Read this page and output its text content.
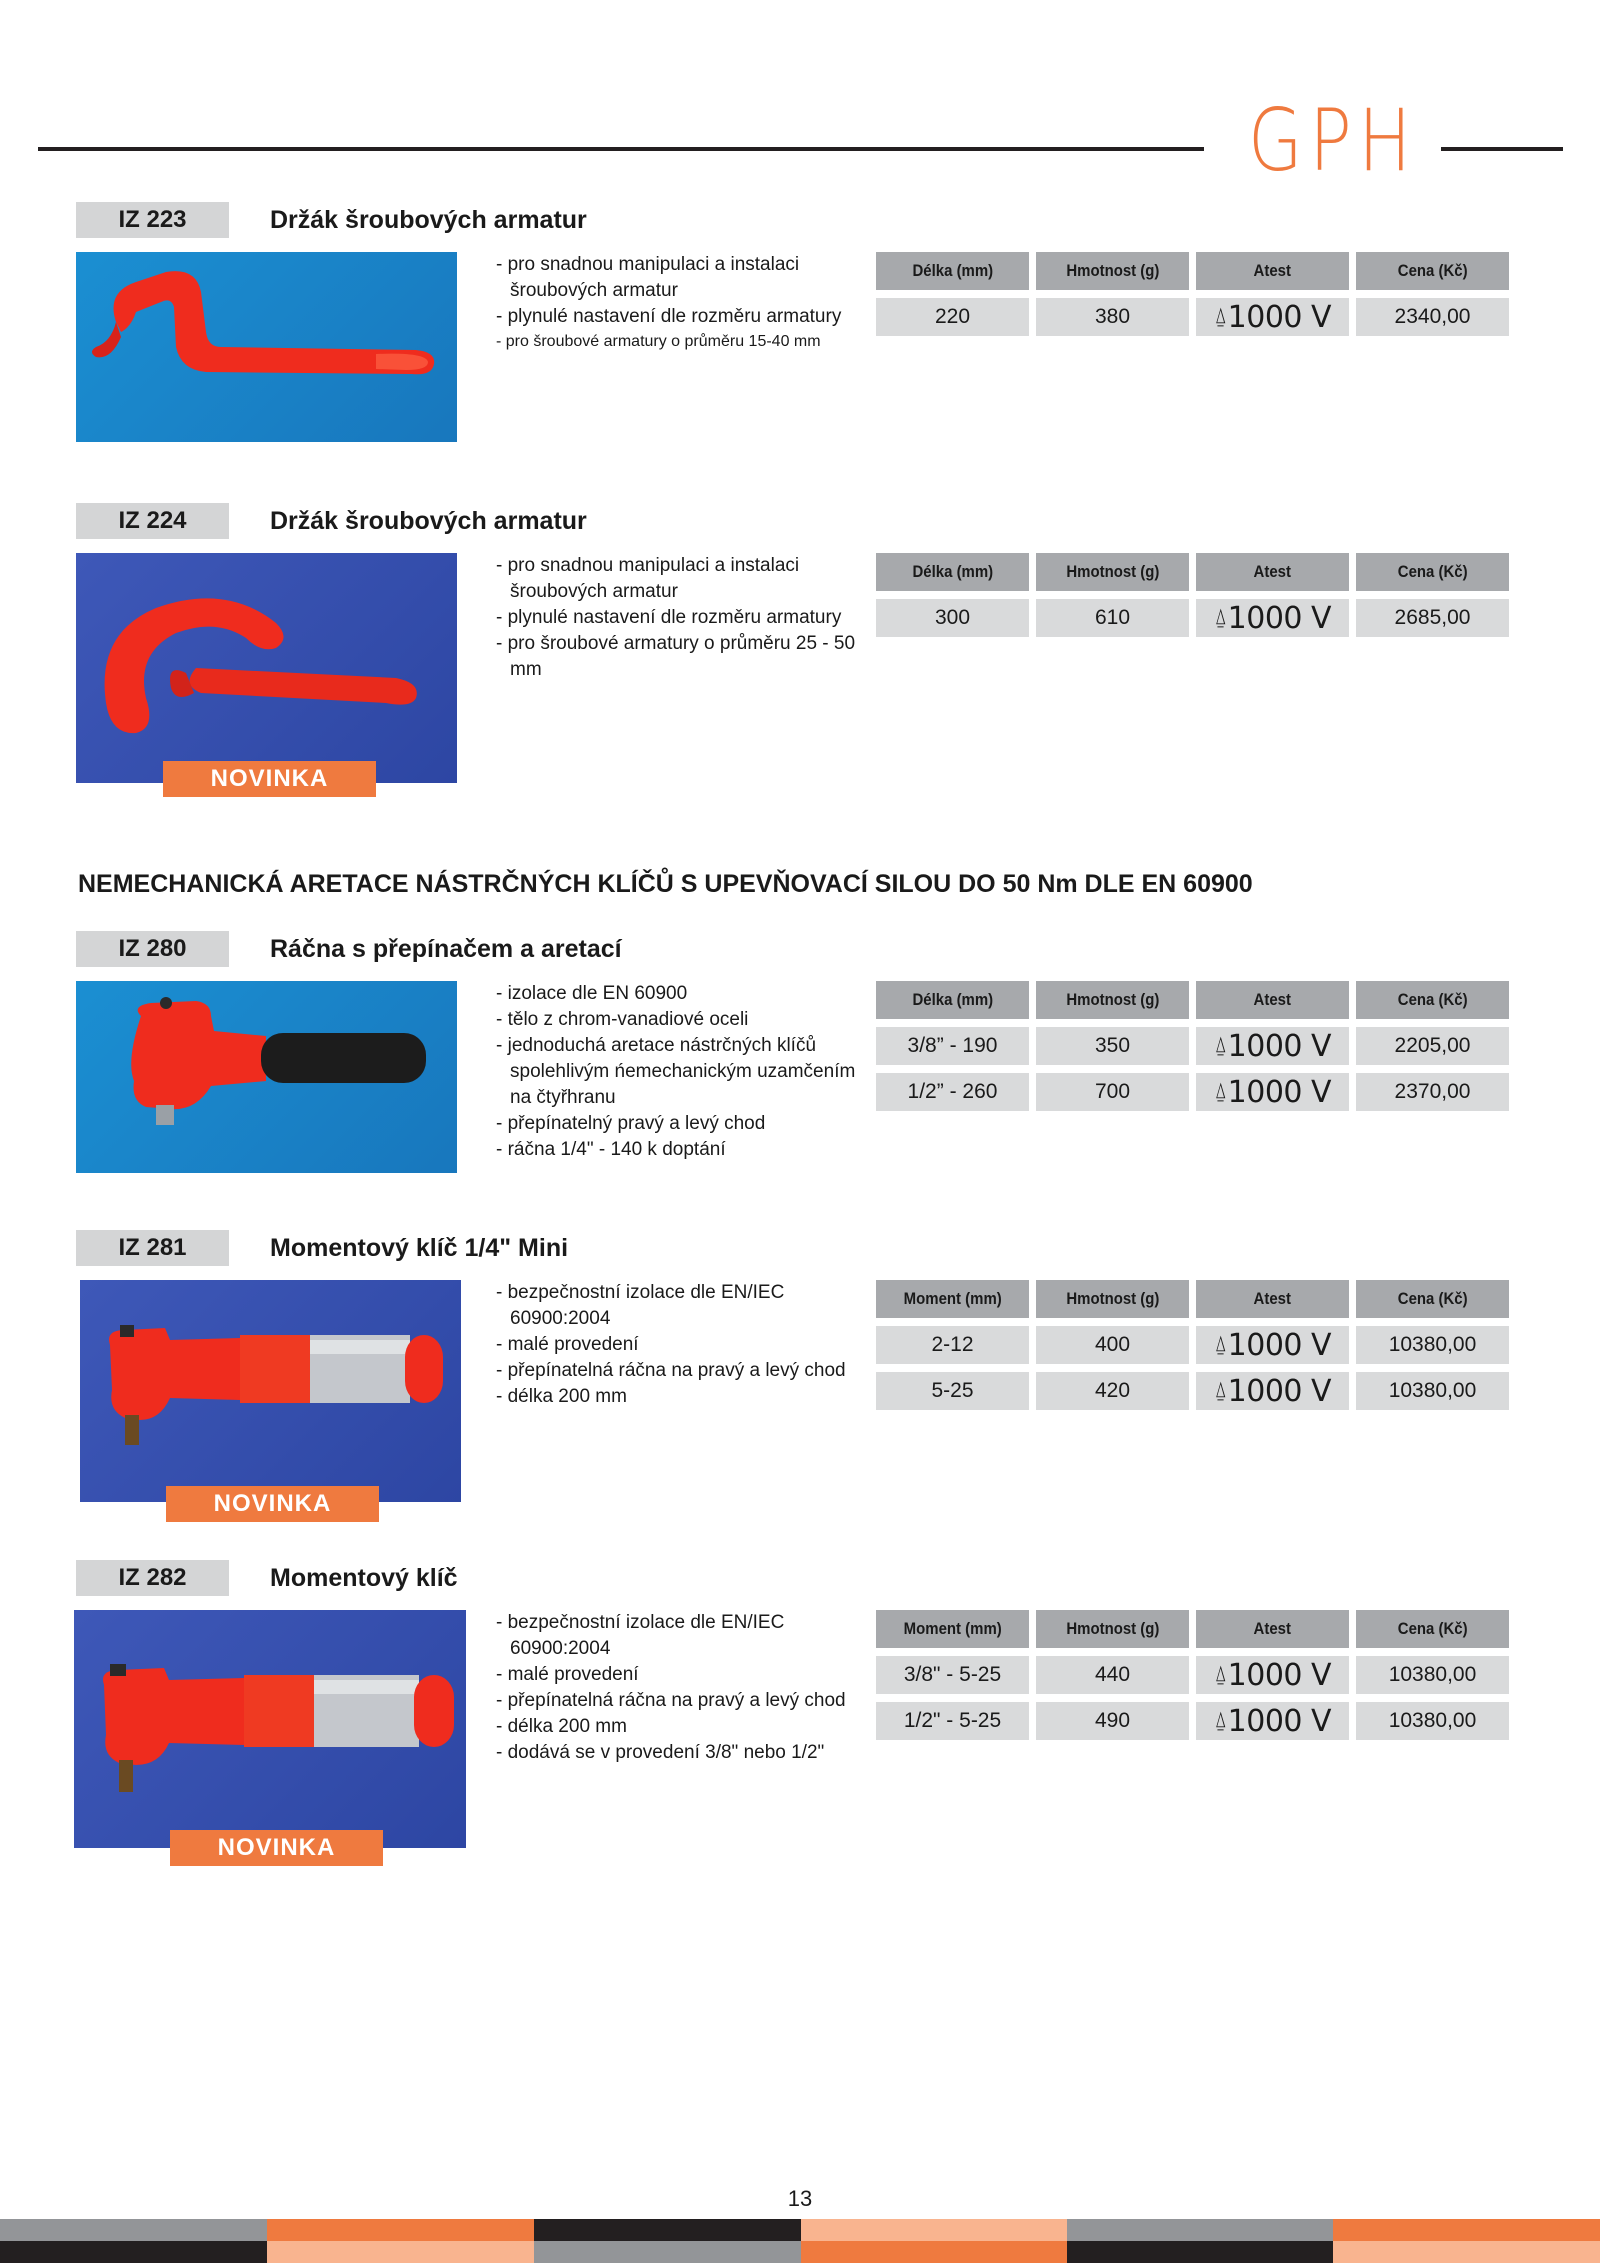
GPH
IZ 223	Držák šroubových armatur
- pro snadnou manipulaci a instalaci šroubových armatur
- plynulé nastavení dle rozměru armatury
- pro šroubové armatury o průměru 15-40 mm
Délka (mm)	Hmotnost (g)	Atest	Cena (Kč)
220	380	⍙1000 V	2340,00
IZ 224	Držák šroubových armatur
NOVINKA
- pro snadnou manipulaci a instalaci šroubových armatur
- plynulé nastavení dle rozměru armatury
- pro šroubové armatury o průměru 25 - 50 mm
Délka (mm)	Hmotnost (g)	Atest	Cena (Kč)
300	610	⍙1000 V	2685,00
NEMECHANICKÁ ARETACE NÁSTRČNÝCH KLÍČŮ S UPEVŇOVACÍ SILOU DO 50 Nm DLE EN 60900
IZ 280	Ráčna s přepínačem a aretací
- izolace dle EN 60900
- tělo z chrom-vanadiové oceli
- jednoduchá aretace nástrčných klíčů spolehlivým ńemechanickým uzamčením na čtyřhranu
- přepínatelný pravý a levý chod
- ráčna 1/4" - 140 k doptání
Délka (mm)	Hmotnost (g)	Atest	Cena (Kč)
3/8” - 190	350	⍙1000 V	2205,00
1/2” - 260	700	⍙1000 V	2370,00
IZ 281	Momentový klíč 1/4" Mini
NOVINKA
- bezpečnostní izolace dle EN/IEC 60900:2004
- malé provedení
- přepínatelná ráčna na pravý a levý chod
- délka 200 mm
Moment (mm)	Hmotnost (g)	Atest	Cena (Kč)
2-12	400	⍙1000 V	10380,00
5-25	420	⍙1000 V	10380,00
IZ 282	Momentový klíč
NOVINKA
- bezpečnostní izolace dle EN/IEC 60900:2004
- malé provedení
- přepínatelná ráčna na pravý a levý chod
- délka 200 mm
- dodává se v provedení 3/8" nebo 1/2"
Moment (mm)	Hmotnost (g)	Atest	Cena (Kč)
3/8" - 5-25	440	⍙1000 V	10380,00
1/2" - 5-25	490	⍙1000 V	10380,00
13
